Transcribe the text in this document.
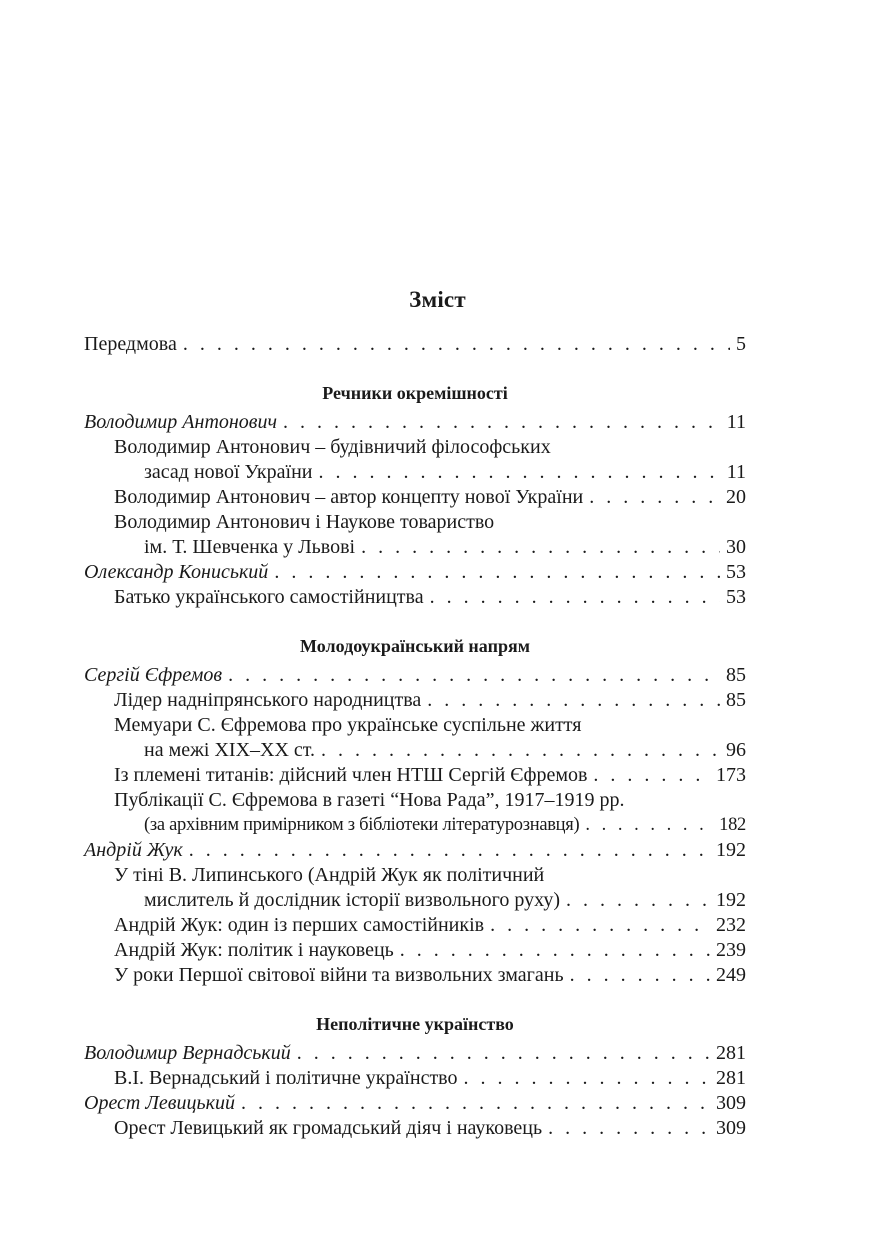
Зміст
Передмова . . .	5
Речники окремішності
Володимир Антонович . . .	11
Володимир Антонович – будівничий філософських
засад нової України . . .	11
Володимир Антонович – автор концепту нової України . . .	20
Володимир Антонович і Наукове товариство
ім. Т. Шевченка у Львові . . .	30
Олександр Кониський . . .	53
Батько українського самостійництва . . .	53
Молодоукраїнський напрям
Сергій Єфремов . . .	85
Лідер наднiпрянського народництва . . .	85
Мемуари С. Єфремова про українське суспільне життя
на межі ХІХ–ХХ ст. . . .	96
Із племені титанів: дійсний член НТШ Сергій Єфремов . . .	173
Публікації С. Єфремова в газеті “Нова Рада”, 1917–1919 рр.
(за архівним примірником з бібліотеки літературознавця) . . .	182
Андрій Жук . . .	192
У тіні В. Липинського (Андрій Жук як політичний
мислитель й дослідник історії визвольного руху) . . .	192
Андрій Жук: один із перших самостійників . . .	232
Андрій Жук: політик і науковець . . .	239
У роки Першої світової війни та визвольних змагань . . .	249
Неполітичне українство
Володимир Вернадський . . .	281
В.І. Вернадський і політичне українство . . .	281
Орест Левицький . . .	309
Орест Левицький як громадський діяч і науковець . . .	309
